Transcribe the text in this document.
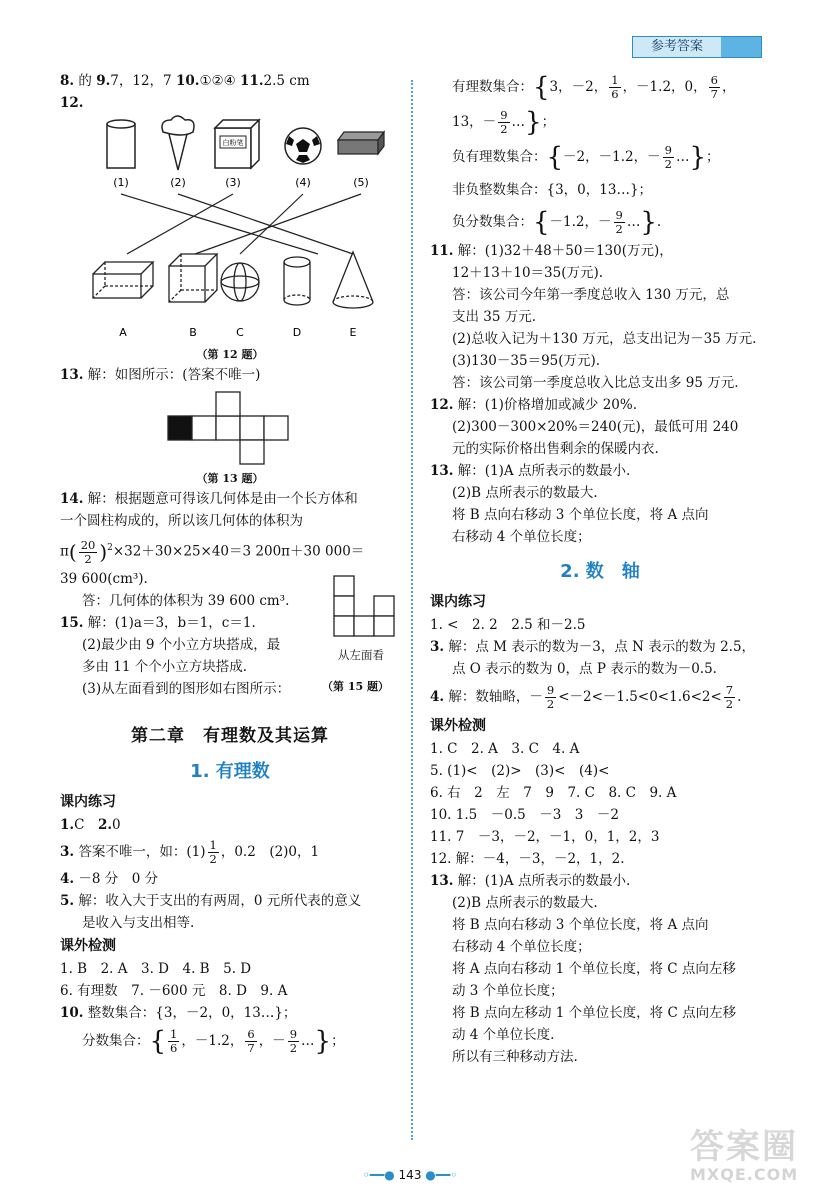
参考答案
8. 的 9.7，12，7 10.①②④ 11.2.5 cm
12.
白粉笔
(1)	(2)	(3)	(4)	(5)
A	B	C	D	E
（第 12 题）
13. 解：如图所示：(答案不唯一)
（第 13 题）
14. 解：根据题意可得该几何体是由一个长方体和
一个圆柱构成的，所以该几何体的体积为
$\pi( \frac{20}{2} )^2\times 32+30\times 25\times 40=3$ 200π＋30 000＝
39 600(cm³).
答：几何体的体积为 39 600 cm³.
15. 解：(1)a＝3，b＝1，c＝1.
(2)最少由 9 个小立方块搭成，最
多由 11 个个小立方块搭成.
(3)从左面看到的图形如右图所示：
从左面看
（第 15 题）
第二章　有理数及其运算
1. 有理数
课内练习
1.C　2.0
3. 答案不唯一，如：$(1) \frac{1}{2}$ ，0.2　(2)0，1
4. －8 分　0 分
5. 解：收入大于支出的有两周，0 元所代表的意义
是收入与支出相等.
课外检测
1. B　2. A　3. D　4. B　5. D
6. 有理数　7. －600 元　8. D　9. A
10. 整数集合：{3，－2，0，13…}；
分数集合：{ $\frac{1}{6}$ ，－1.2， $\frac{6}{7}$ ，－ $\frac{9}{2}$ …}；
有理数集合：{3，－2， $\frac{1}{6}$ ，－1.2，0， $\frac{6}{7}$ ，
13，－ $\frac{9}{2}$ …}；
负有理数集合：{－2，－1.2，－ $\frac{9}{2}$ …}；
非负整数集合：{3，0，13…}；
负分数集合：{－1.2，－ $\frac{9}{2}$ …}.
11. 解：(1)32＋48＋50＝130(万元)，
12＋13＋10＝35(万元).
答：该公司今年第一季度总收入 130 万元，总
支出 35 万元.
(2)总收入记为＋130 万元，总支出记为－35 万元.
(3)130－35＝95(万元).
答：该公司第一季度总收入比总支出多 95 万元.
12. 解：(1)价格增加或减少 20%.
(2)300－300×20%＝240(元)，最低可用 240
元的实际价格出售剩余的保暖内衣.
13. 解：(1)A 点所表示的数最小.
(2)B 点所表示的数最大.
将 B 点向右移动 3 个单位长度，将 A 点向
右移动 4 个单位长度；
2. 数　轴
课内练习
1. <　2. 2　2.5 和－2.5
3. 解：点 M 表示的数为－3，点 N 表示的数为 2.5，
点 O 表示的数为 0，点 P 表示的数为－0.5.
4. 解：数轴略，－ $\frac{9}{2} <-2<-1.5<0<1.6<2< \frac{7}{2}$ .
课外检测
1. C　2. A　3. C　4. A
5. (1)<　(2)>　(3)<　(4)<
6. 右　2　左　7　9　7. C　8. C　9. A
10. 1.5　－0.5　－3　3　－2
11. 7　－3，－2，－1，0，1，2，3
12. 解：－4，－3，－2，1，2.
13. 解：(1)A 点所表示的数最小.
(2)B 点所表示的数最大.
将 B 点向右移动 3 个单位长度，将 A 点向
右移动 4 个单位长度；
将 A 点向右移动 1 个单位长度，将 C 点向左移
动 3 个单位长度；
将 B 点向左移动 1 个单位长度，将 C 点向左移
动 4 个单位长度.
所以有三种移动方法.
◦━━● 143 ●━━◦
答案圈
MXQE.COM
